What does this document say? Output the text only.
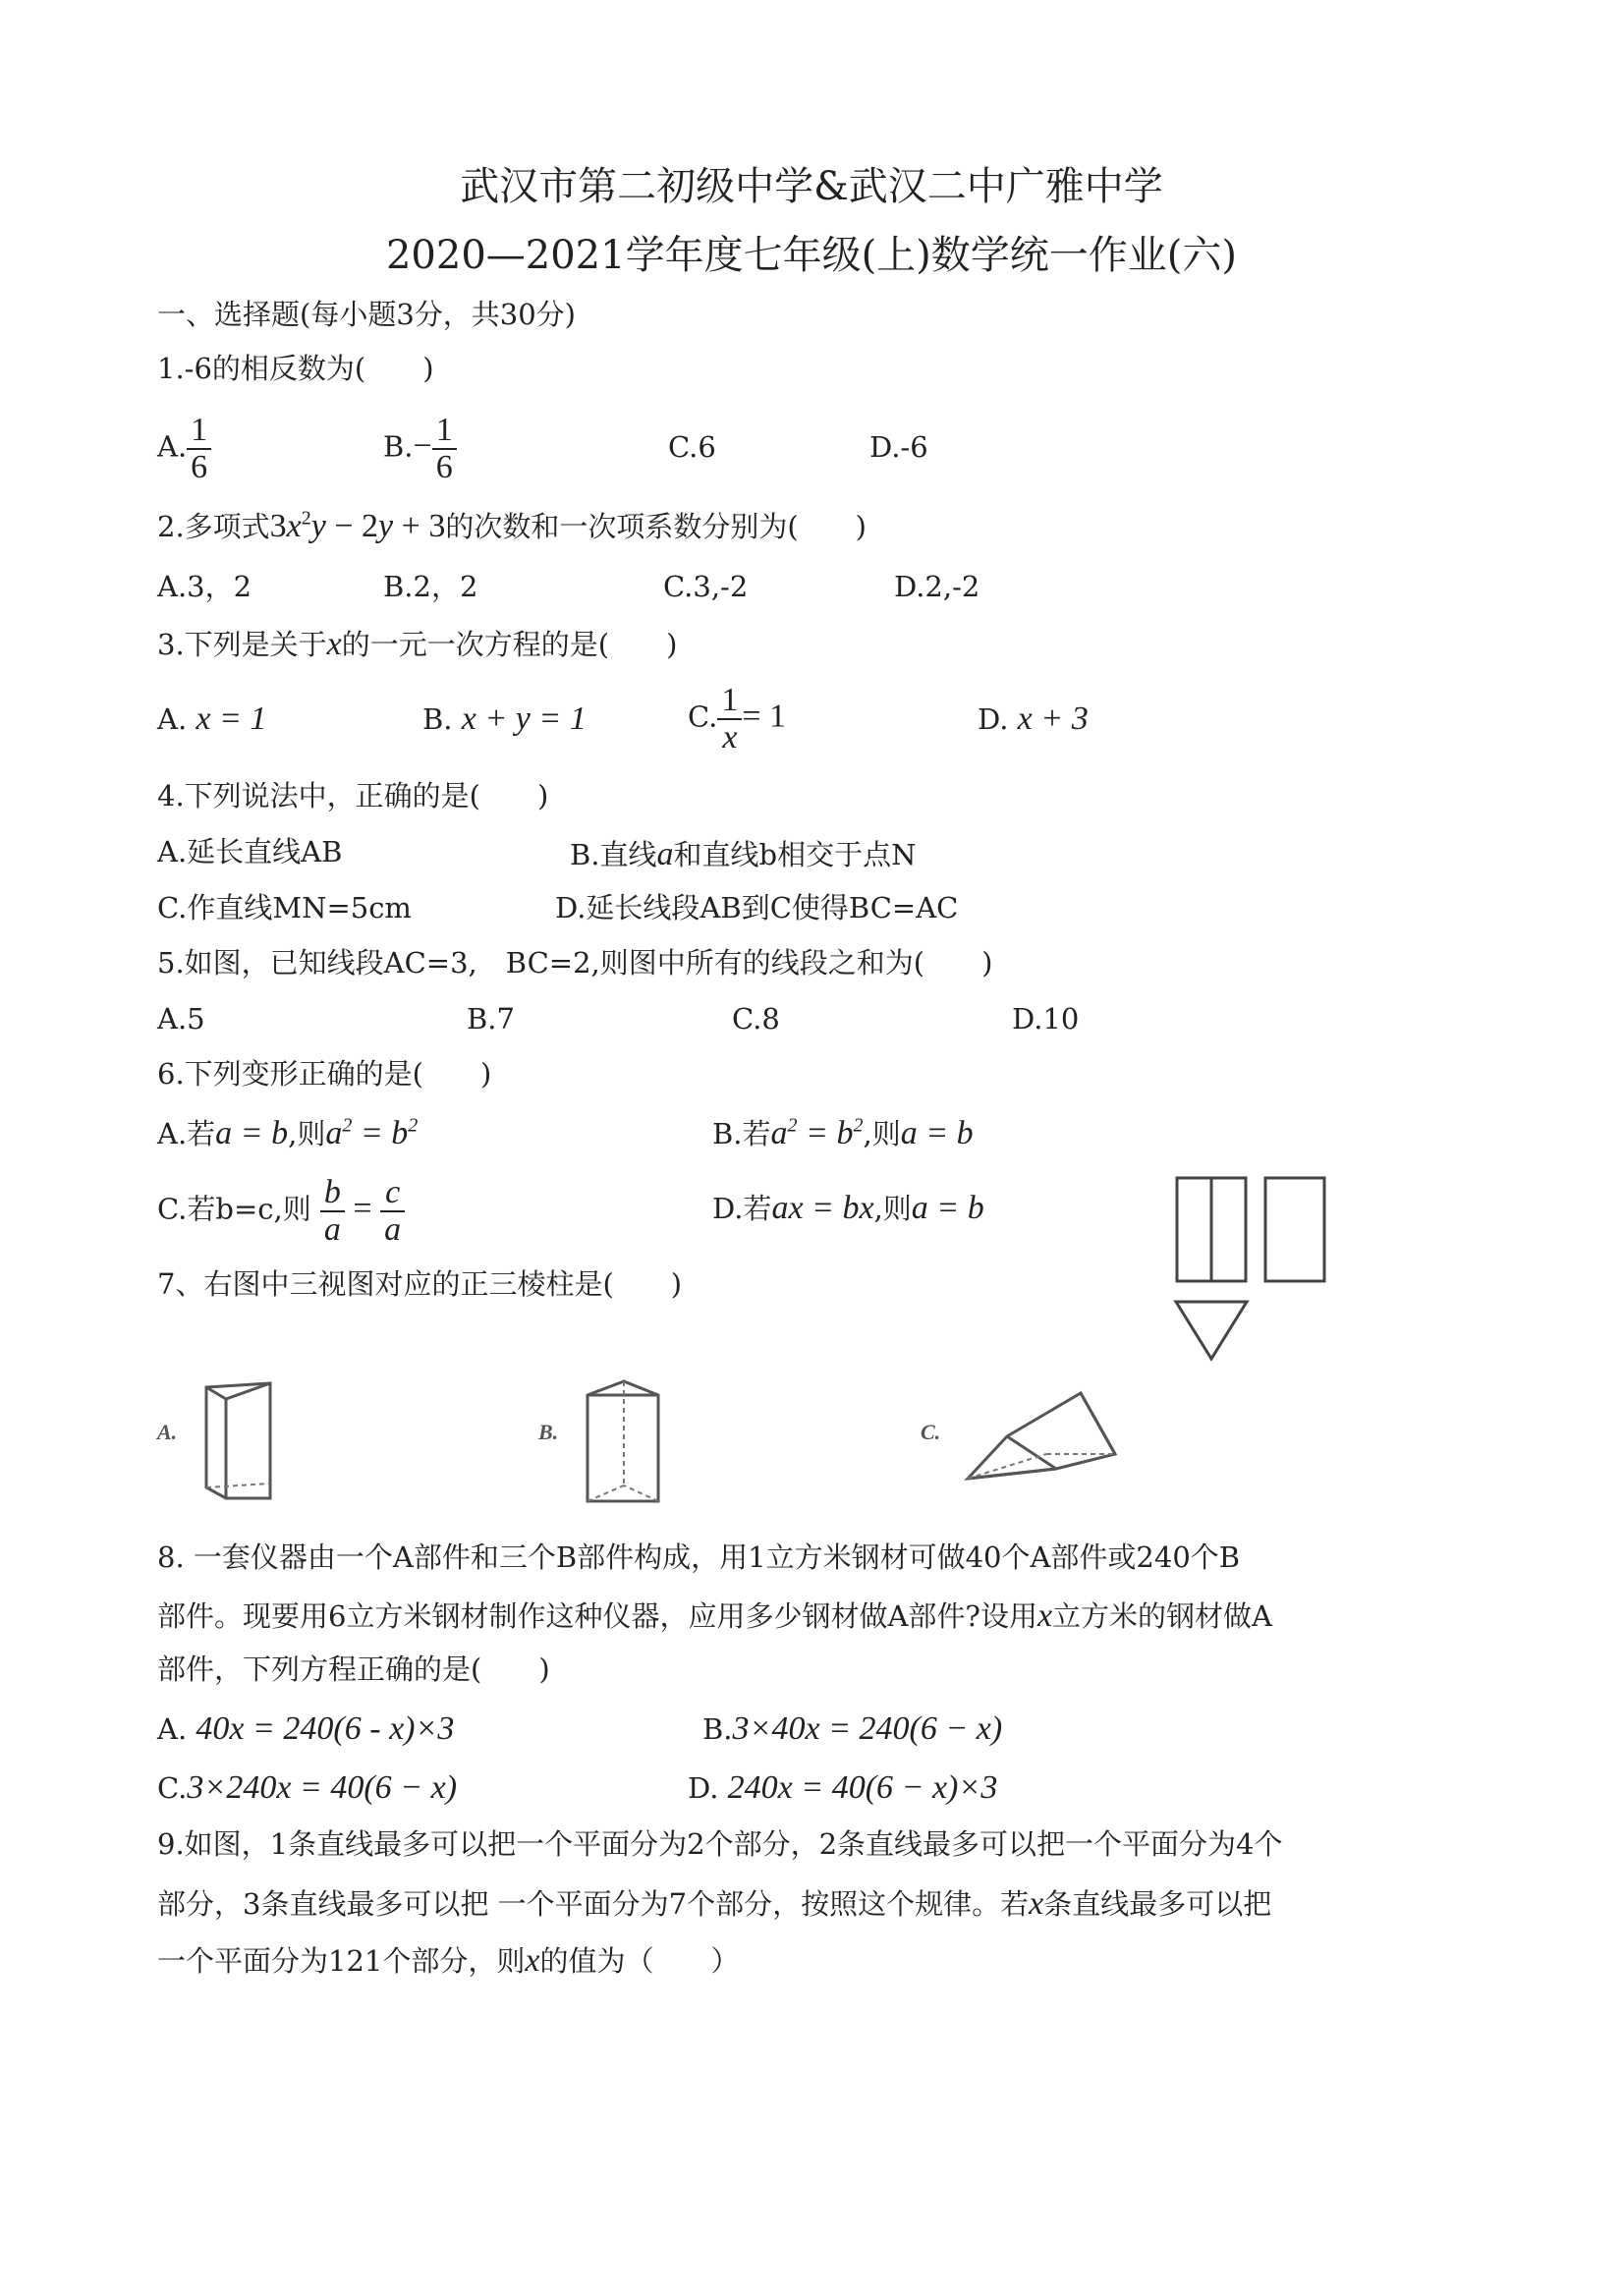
武汉市第二初级中学&武汉二中广雅中学
2020—2021学年度七年级(上)数学统一作业(六)
一、选择题(每小题3分，共30分)
1.-6的相反数为(　　)
A. $\frac{1}{6}$	$B.- \frac{1}{6}$	C.6	D.-6
2.多项式$3x^2y - 2y + 3$的次数和一次项系数分别为(　　)
A.3，2	B.2，2	C.3,-2	D.2,-2
3.下列是关于x的一元一次方程的是(　　)
A. x = 1	B. x + y = 1	C. $\frac{1}{x} = 1$	D. x + 3
4.下列说法中，正确的是(　　)
A.延长直线AB	B.直线a和直线b相交于点N
C.作直线MN=5cm	D.延长线段AB到C使得BC=AC
5.如图，已知线段AC=3,　BC=2,则图中所有的线段之和为(　　)
A.5	B.7	C.8	D.10
6.下列变形正确的是(　　)
A.若a = b,则$a^2 = b^2$	B.若$a^2 = b^2$,则a = b
C.若b=c,则 $\frac{b}{a} = \frac{c}{a}$	D.若ax = bx,则a = b
7、右图中三视图对应的正三棱柱是(　　)
A.	B.	C.
8. 一套仪器由一个A部件和三个B部件构成，用1立方米钢材可做40个A部件或240个B
部件。现要用6立方米钢材制作这种仪器，应用多少钢材做A部件?设用x立方米的钢材做A
部件，下列方程正确的是(　　)
A. 40x = 240(6 - x)×3	B.3×40x = 240(6 − x)
C.3×240x = 40(6 − x)	D. 240x = 40(6 − x)×3
9.如图，1条直线最多可以把一个平面分为2个部分，2条直线最多可以把一个平面分为4个
部分，3条直线最多可以把 一个平面分为7个部分，按照这个规律。若x条直线最多可以把
一个平面分为121个部分，则x的值为（　　）
